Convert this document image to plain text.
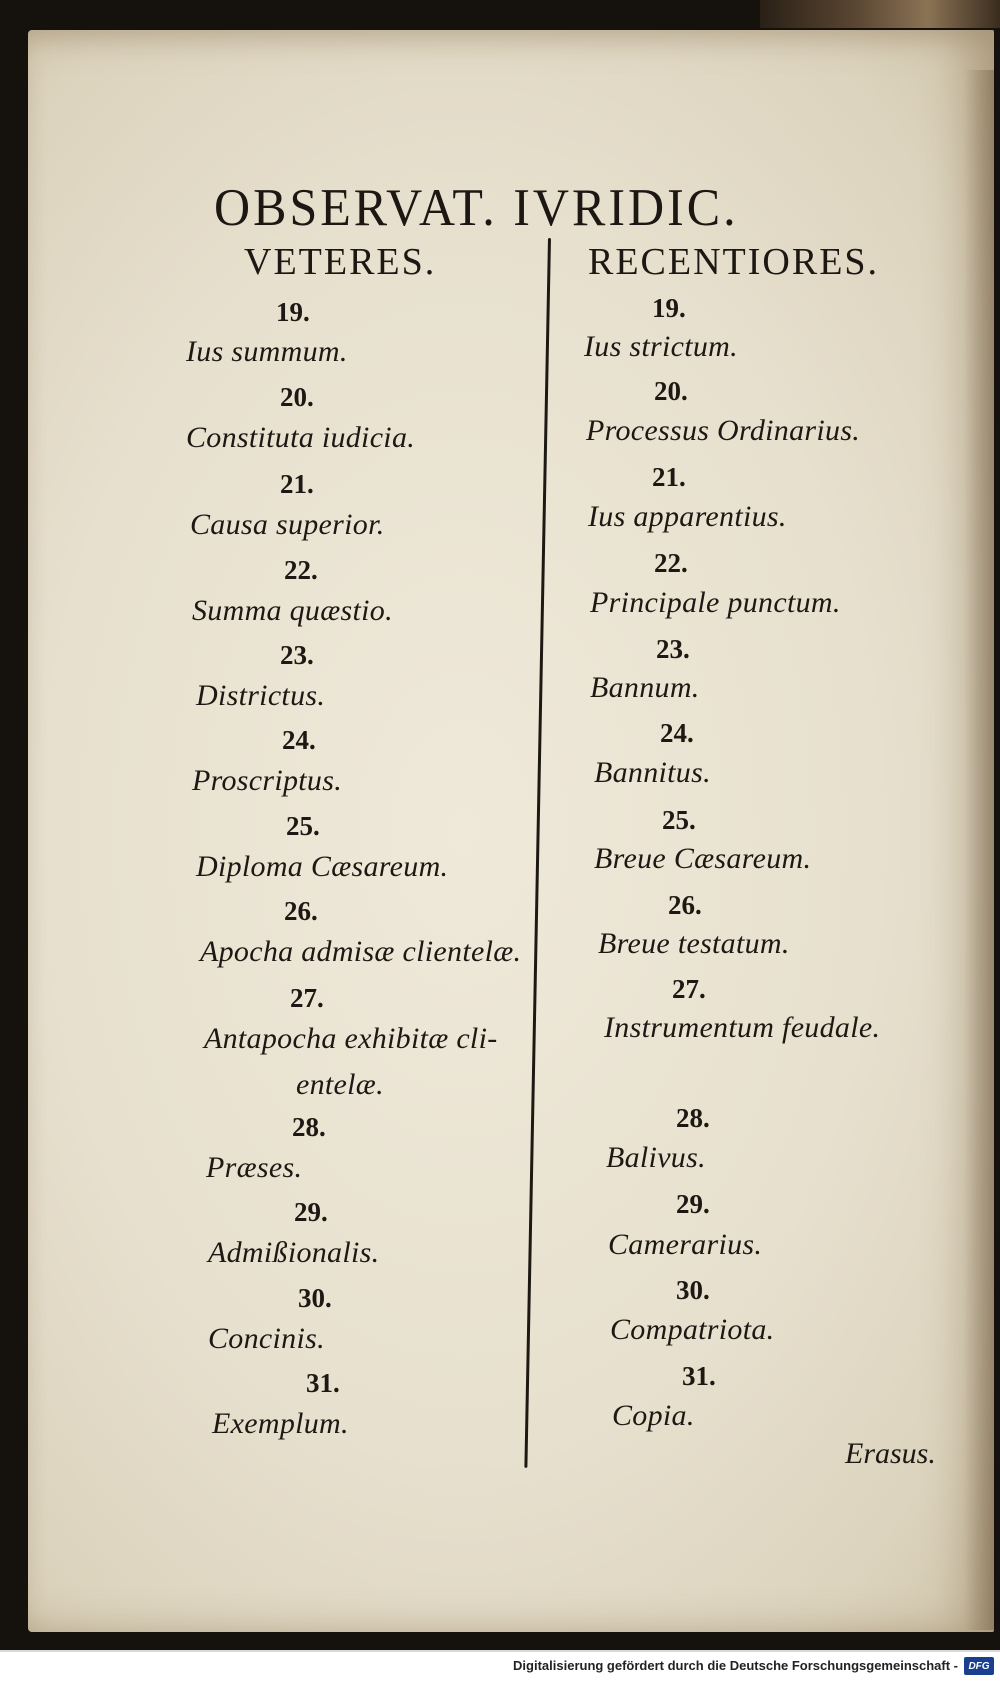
OBSERVAT. IVRIDIC.
VETERES.	RECENTIORES.
19.
Ius summum.
20.
Constituta iudicia.
21.
Causa superior.
22.
Summa quæstio.
23.
Districtus.
24.
Proscriptus.
25.
Diploma Cæsareum.
26.
Apocha admisæ clientelæ.
27.
Antapocha exhibitæ cli-
entelæ.
28.
Præses.
29.
Admißionalis.
30.
Concinis.
31.
Exemplum.
19.
Ius strictum.
20.
Processus Ordinarius.
21.
Ius apparentius.
22.
Principale punctum.
23.
Bannum.
24.
Bannitus.
25.
Breue Cæsareum.
26.
Breue testatum.
27.
Instrumentum feudale.
28.
Balivus.
29.
Camerarius.
30.
Compatriota.
31.
Copia.
Erasus.
Digitalisierung gefördert durch die Deutsche Forschungsgemeinschaft -	DFG
